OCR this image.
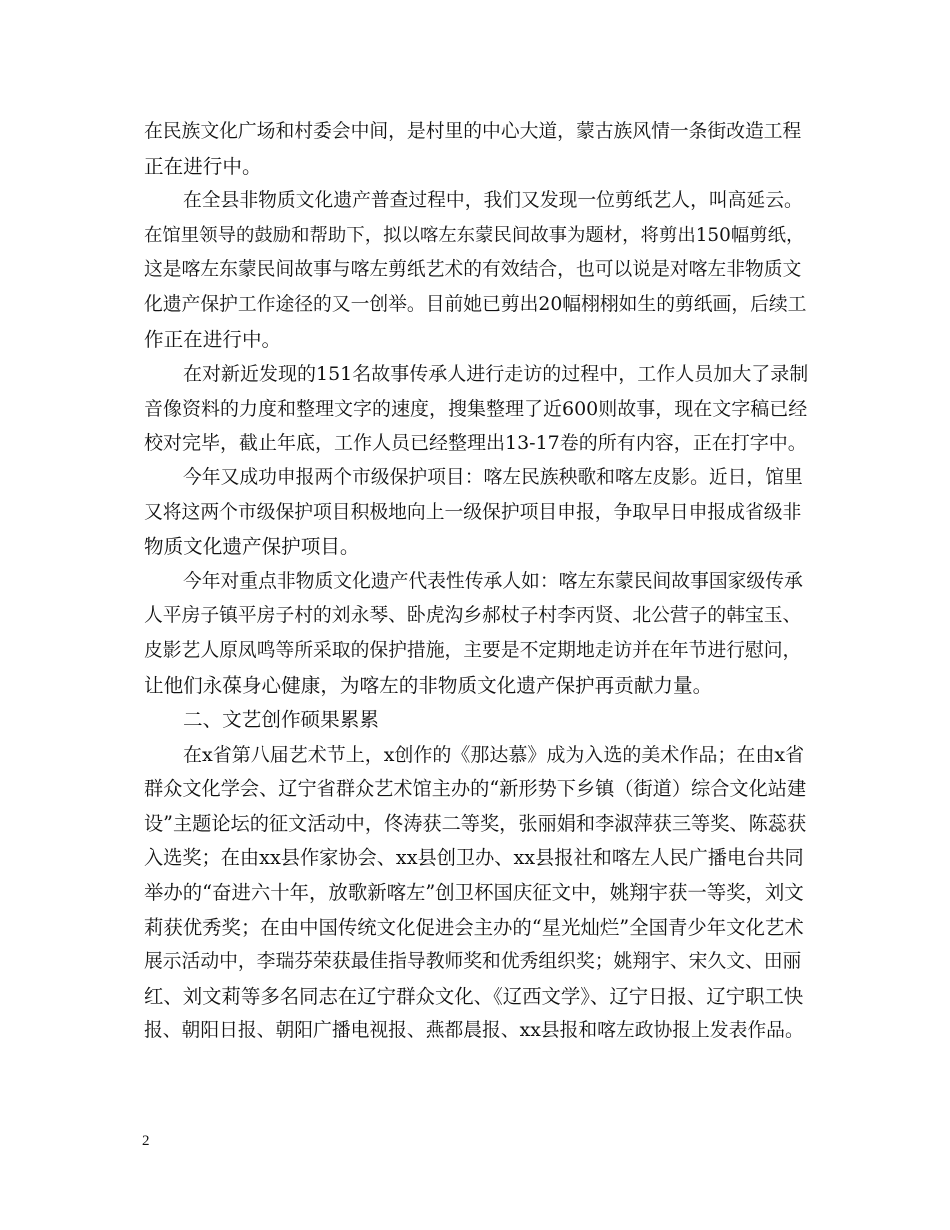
在民族文化广场和村委会中间，是村里的中心大道，蒙古族风情一条街改造工程
正在进行中。
在全县非物质文化遗产普查过程中，我们又发现一位剪纸艺人，叫高延云。
在馆里领导的鼓励和帮助下，拟以喀左东蒙民间故事为题材，将剪出150幅剪纸，
这是喀左东蒙民间故事与喀左剪纸艺术的有效结合，也可以说是对喀左非物质文
化遗产保护工作途径的又一创举。目前她已剪出20幅栩栩如生的剪纸画，后续工
作正在进行中。
在对新近发现的151名故事传承人进行走访的过程中，工作人员加大了录制
音像资料的力度和整理文字的速度，搜集整理了近600则故事，现在文字稿已经
校对完毕，截止年底，工作人员已经整理出13-17卷的所有内容，正在打字中。
今年又成功申报两个市级保护项目：喀左民族秧歌和喀左皮影。近日，馆里
又将这两个市级保护项目积极地向上一级保护项目申报，争取早日申报成省级非
物质文化遗产保护项目。
今年对重点非物质文化遗产代表性传承人如：喀左东蒙民间故事国家级传承
人平房子镇平房子村的刘永琴、卧虎沟乡郝杖子村李丙贤、北公营子的韩宝玉、
皮影艺人原凤鸣等所采取的保护措施，主要是不定期地走访并在年节进行慰问，
让他们永葆身心健康，为喀左的非物质文化遗产保护再贡献力量。
二、文艺创作硕果累累
在x省第八届艺术节上，x创作的《那达慕》成为入选的美术作品；在由x省
群众文化学会、辽宁省群众艺术馆主办的“新形势下乡镇（街道）综合文化站建
设”主题论坛的征文活动中，佟涛获二等奖，张丽娟和李淑萍获三等奖、陈蕊获
入选奖；在由xx县作家协会、xx县创卫办、xx县报社和喀左人民广播电台共同
举办的“奋进六十年，放歌新喀左”创卫杯国庆征文中，姚翔宇获一等奖，刘文
莉获优秀奖；在由中国传统文化促进会主办的“星光灿烂”全国青少年文化艺术
展示活动中，李瑞芬荣获最佳指导教师奖和优秀组织奖；姚翔宇、宋久文、田丽
红、刘文莉等多名同志在辽宁群众文化、《辽西文学》、辽宁日报、辽宁职工快
报、朝阳日报、朝阳广播电视报、燕都晨报、xx县报和喀左政协报上发表作品。
2
